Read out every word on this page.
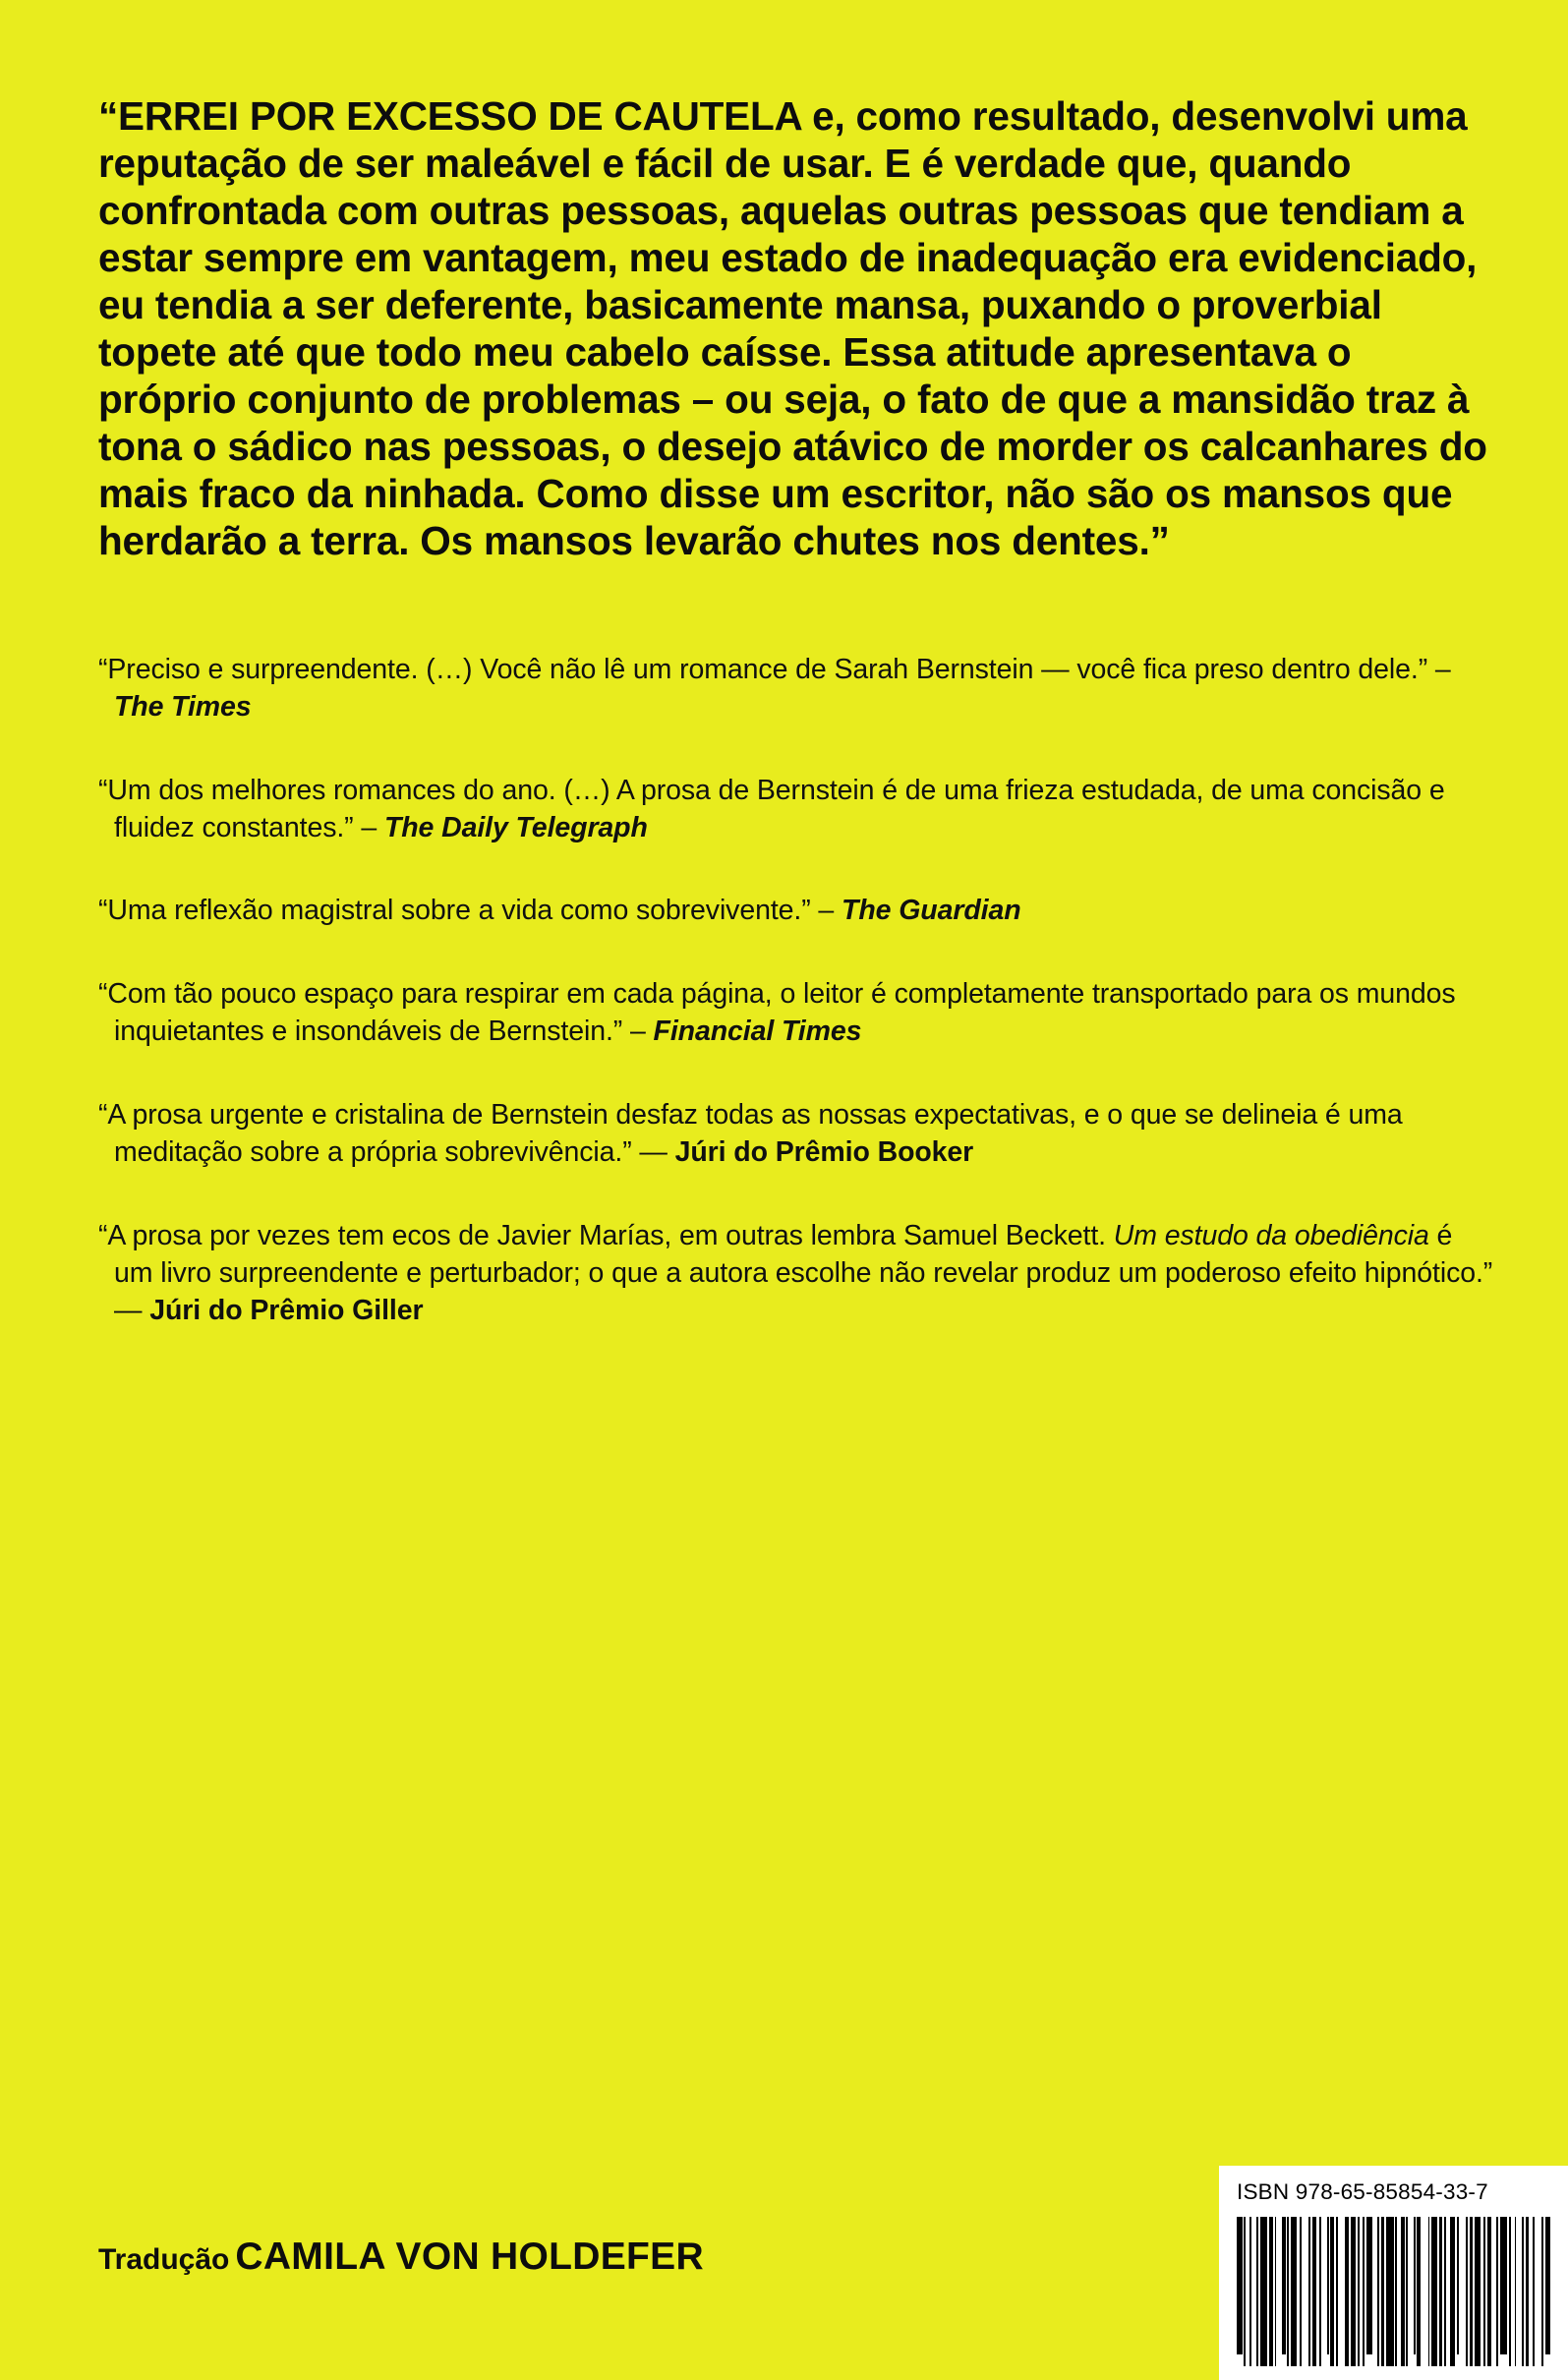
“ERREI POR EXCESSO DE CAUTELA e, como resultado, desenvolvi uma reputação de ser maleável e fácil de usar. E é verdade que, quando confrontada com outras pessoas, aquelas outras pessoas que tendiam a estar sempre em vantagem, meu estado de inadequação era evidenciado, eu tendia a ser deferente, basicamente mansa, puxando o proverbial topete até que todo meu cabelo caísse. Essa atitude apresentava o próprio conjunto de problemas – ou seja, o fato de que a mansidão traz à tona o sádico nas pessoas, o desejo atávico de morder os calcanhares do mais fraco da ninhada. Como disse um escritor, não são os mansos que herdarão a terra. Os mansos levarão chutes nos dentes.”

“Preciso e surpreendente. (…) Você não lê um romance de Sarah Bernstein — você fica preso dentro dele.” – The Times

“Um dos melhores romances do ano. (…) A prosa de Bernstein é de uma frieza estudada, de uma concisão e fluidez constantes.” – The Daily Telegraph

“Uma reflexão magistral sobre a vida como sobrevivente.” – The Guardian

“Com tão pouco espaço para respirar em cada página, o leitor é completamente transportado para os mundos inquietantes e insondáveis de Bernstein.” – Financial Times

“A prosa urgente e cristalina de Bernstein desfaz todas as nossas expectativas, e o que se delineia é uma meditação sobre a própria sobrevivência.” — Júri do Prêmio Booker

“A prosa por vezes tem ecos de Javier Marías, em outras lembra Samuel Beckett. Um estudo da obediência é um livro surpreendente e perturbador; o que a autora escolhe não revelar produz um poderoso efeito hipnótico.” — Júri do Prêmio Giller

Tradução CAMILA VON HOLDEFER
ISBN 978-65-85854-33-7
